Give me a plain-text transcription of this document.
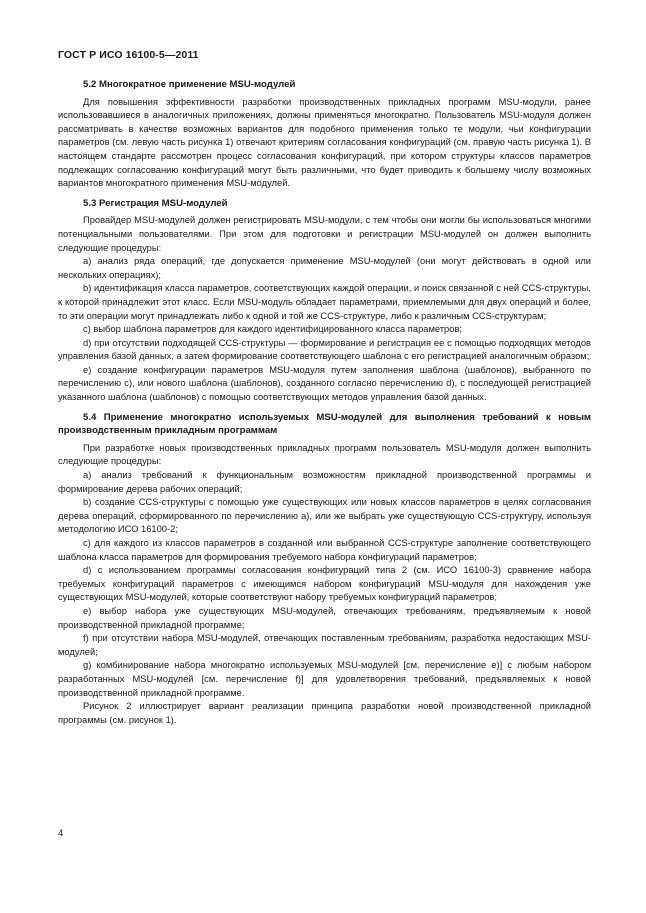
ГОСТ Р ИСО 16100-5—2011
5.2 Многократное применение MSU-модулей

Для повышения эффективности разработки производственных прикладных программ MSU-модули, ранее использовавшиеся в аналогичных приложениях, должны применяться многократно. Пользователь MSU-модуля должен рассматривать в качестве возможных вариантов для подобного применения только те модули, чьи конфигурации параметров (см. левую часть рисунка 1) отвечают критериям согласования конфигураций (см. правую часть рисунка 1). В настоящем стандарте рассмотрен процесс согласования конфигураций, при котором структуры классов параметров подлежащих согласованию конфигураций могут быть различными, что будет приводить к большему числу возможных вариантов многократного применения MSU-модулей.

5.3 Регистрация MSU-модулей

Провайдер MSU-модулей должен регистрировать MSU-модули, с тем чтобы они могли бы использоваться многими потенциальными пользователями. При этом для подготовки и регистрации MSU-модулей он должен выполнить следующие процедуры:

a) анализ ряда операций, где допускается применение MSU-модулей (они могут действовать в одной или нескольких операциях);

b) идентификация класса параметров, соответствующих каждой операции, и поиск связанной с ней CCS-структуры, к которой принадлежит этот класс. Если MSU-модуль обладает параметрами, приемлемыми для двух операций и более, то эти операции могут принадлежать либо к одной и той же CCS-структуре, либо к различным CCS-структурам;

c) выбор шаблона параметров для каждого идентифицированного класса параметров;

d) при отсутствии подходящей CCS-структуры — формирование и регистрация ее с помощью подходящих методов управления базой данных, а затем формирование соответствующего шаблона с его регистрацией аналогичным образом;

e) создание конфигурации параметров MSU-модуля путем заполнения шаблона (шаблонов), выбранного по перечислению c), или нового шаблона (шаблонов), созданного согласно перечислению d), с последующей регистрацией указанного шаблона (шаблонов) с помощью соответствующих методов управления базой данных.

5.4 Применение многократно используемых MSU-модулей для выполнения требований к новым производственным прикладным программам

При разработке новых производственных прикладных программ пользователь MSU-модуля должен выполнить следующие процедуры:

a) анализ требований к функциональным возможностям прикладной производственной программы и формирование дерева рабочих операций;

b) создание CCS-структуры с помощью уже существующих или новых классов параметров в целях согласования дерева операций, сформированного по перечислению a), или же выбрать уже существующую CCS-структуру, используя методологию ИСО 16100-2;

c) для каждого из классов параметров в созданной или выбранной CCS-структуре заполнение соответствующего шаблона класса параметров для формирования требуемого набора конфигураций параметров;

d) с использованием программы согласования конфигураций типа 2 (см. ИСО 16100-3) сравнение набора требуемых конфигураций параметров с имеющимся набором конфигураций MSU-модуля для нахождения уже существующих MSU-модулей, которые соответствуют набору требуемых конфигураций параметров;

e) выбор набора уже существующих MSU-модулей, отвечающих требованиям, предъявляемым к новой производственной прикладной программе;

f) при отсутствии набора MSU-модулей, отвечающих поставленным требованиям, разработка недостающих MSU-модулей;

g) комбинирование набора многократно используемых MSU-модулей [см. перечисление e)] с любым набором разработанных MSU-модулей [см. перечисление f)] для удовлетворения требований, предъявляемых к новой производственной прикладной программе.

Рисунок 2 иллюстрирует вариант реализации принципа разработки новой производственной прикладной программы (см. рисунок 1).

4
